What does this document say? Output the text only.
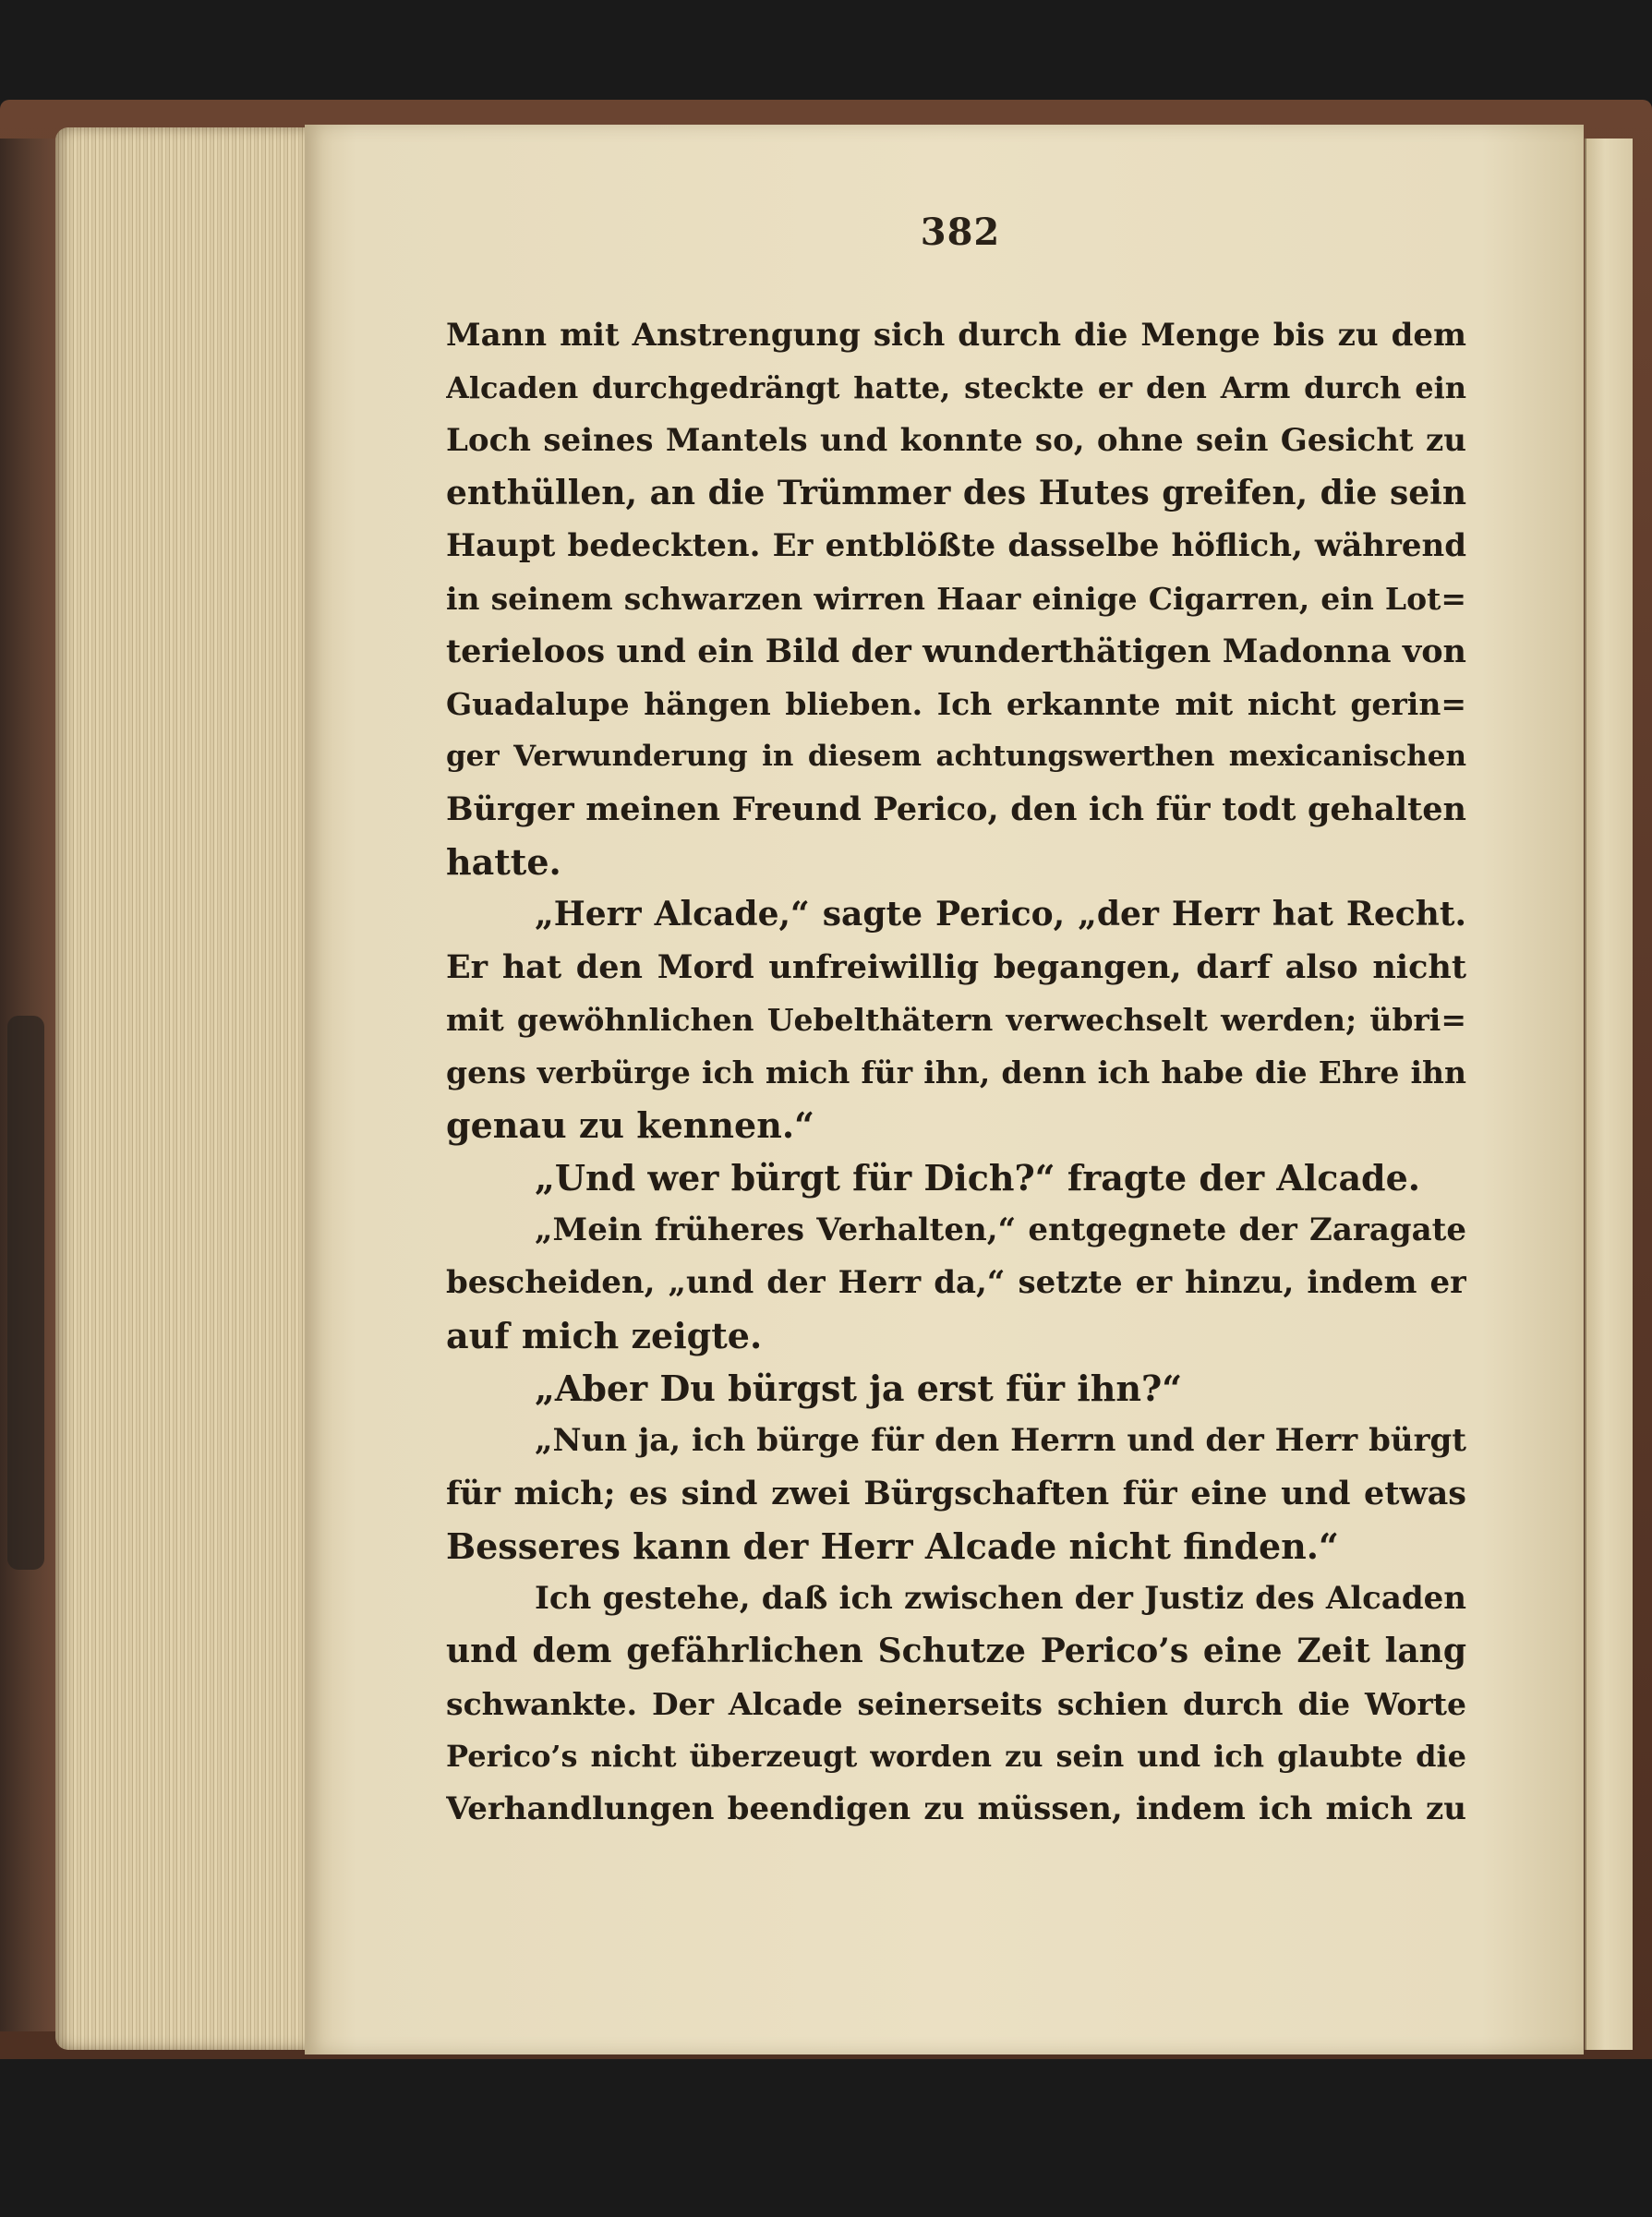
382
Mann mit Anstrengung sich durch die Menge bis zu dem
Alcaden durchgedrängt hatte, steckte er den Arm durch ein
Loch seines Mantels und konnte so, ohne sein Gesicht zu
enthüllen, an die Trümmer des Hutes greifen, die sein
Haupt bedeckten. Er entblößte dasselbe höflich, während
in seinem schwarzen wirren Haar einige Cigarren, ein Lot=
terieloos und ein Bild der wunderthätigen Madonna von
Guadalupe hängen blieben. Ich erkannte mit nicht gerin=
ger Verwunderung in diesem achtungswerthen mexicanischen
Bürger meinen Freund Perico, den ich für todt gehalten
hatte.
„Herr Alcade,“ sagte Perico, „der Herr hat Recht.
Er hat den Mord unfreiwillig begangen, darf also nicht
mit gewöhnlichen Uebelthätern verwechselt werden; übri=
gens verbürge ich mich für ihn, denn ich habe die Ehre ihn
genau zu kennen.“
„Und wer bürgt für Dich?“ fragte der Alcade.
„Mein früheres Verhalten,“ entgegnete der Zaragate
bescheiden, „und der Herr da,“ setzte er hinzu, indem er
auf mich zeigte.
„Aber Du bürgst ja erst für ihn?“
„Nun ja, ich bürge für den Herrn und der Herr bürgt
für mich; es sind zwei Bürgschaften für eine und etwas
Besseres kann der Herr Alcade nicht finden.“
Ich gestehe, daß ich zwischen der Justiz des Alcaden
und dem gefährlichen Schutze Perico’s eine Zeit lang
schwankte. Der Alcade seinerseits schien durch die Worte
Perico’s nicht überzeugt worden zu sein und ich glaubte die
Verhandlungen beendigen zu müssen, indem ich mich zu
